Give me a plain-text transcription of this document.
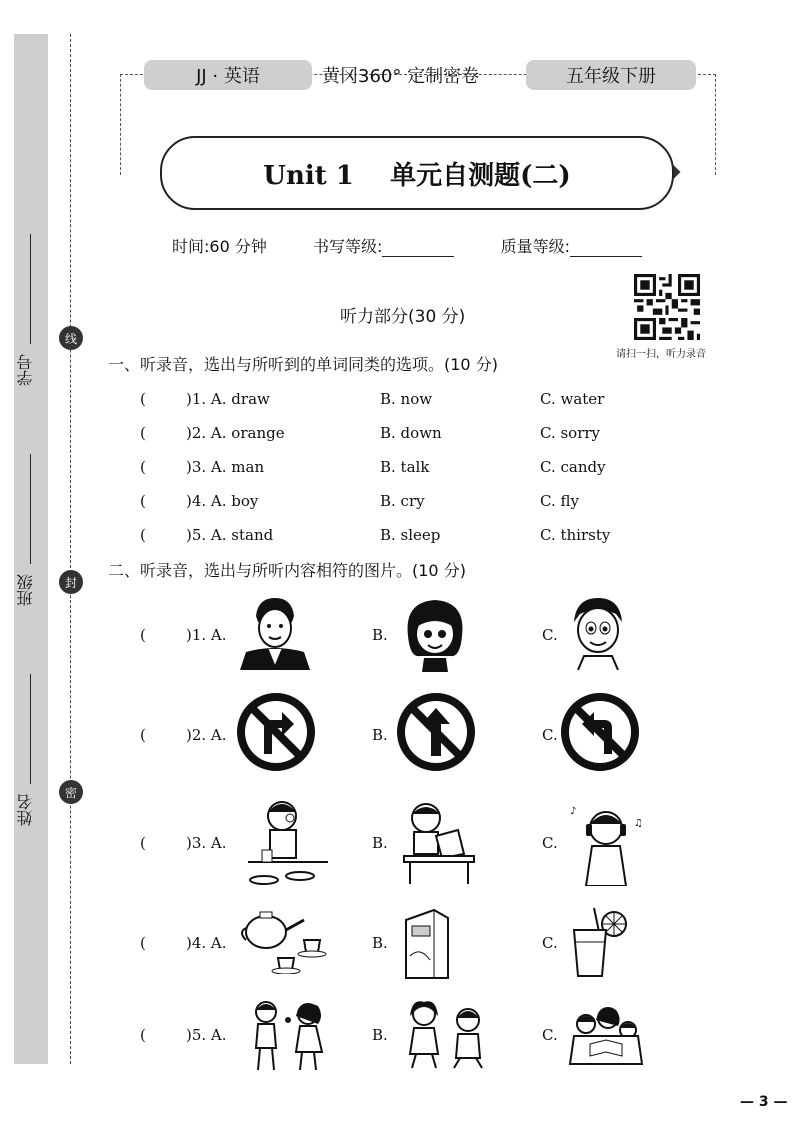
学号
班级
姓名
线
封
密
JJ · 英语	黄冈360° 定制密卷	五年级下册
Unit 1    单元自测题(二)
时间:60 分钟	书写等级:	质量等级:
听力部分(30 分)
请扫一扫，听力录音
一、听录音，选出与所听到的单词同类的选项。(10 分)
(	)1. A. draw	B. now	C. water
(	)2. A. orange	B. down	C. sorry
(	)3. A. man	B. talk	C. candy
(	)4. A. boy	B. cry	C. fly
(	)5. A. stand	B. sleep	C. thirsty
二、听录音，选出与所听内容相符的图片。(10 分)
(	)1. A.	B.	C.
(	)2. A.	B.	C.
(	)3. A.	B.	C.
♪
♫
(	)4. A.	B.	C.
(	)5. A.	B.	C.
— 3 —
